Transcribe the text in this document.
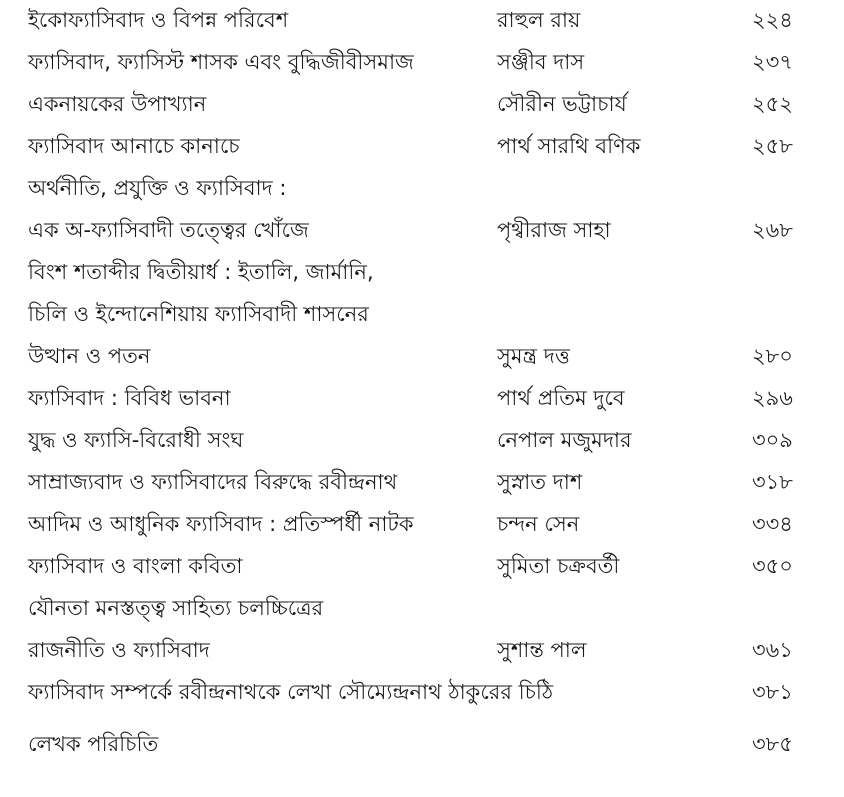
ইকোফ্যাসিবাদ ও বিপন্ন পরিবেশ	রাহুল রায়	২২৪
ফ্যাসিবাদ, ফ্যাসিস্ট শাসক এবং বুদ্ধিজীবীসমাজ	সঞ্জীব দাস	২৩৭
একনায়কের উপাখ্যান	সৌরীন ভট্টাচার্য	২৫২
ফ্যাসিবাদ আনাচে কানাচে	পার্থ সারথি বণিক	২৫৮
অর্থনীতি, প্রযুক্তি ও ফ্যাসিবাদ :
এক অ-ফ্যাসিবাদী তত্ত্বের খোঁজে	পৃথ্বীরাজ সাহা	২৬৮
বিংশ শতাব্দীর দ্বিতীয়ার্ধ : ইতালি, জার্মানি,
চিলি ও ইন্দোনেশিয়ায় ফ্যাসিবাদী শাসনের
উত্থান ও পতন	সুমন্ত্র দত্ত	২৮০
ফ্যাসিবাদ : বিবিধ ভাবনা	পার্থ প্রতিম দুবে	২৯৬
যুদ্ধ ও ফ্যাসি-বিরোধী সংঘ	নেপাল মজুমদার	৩০৯
সাম্রাজ্যবাদ ও ফ্যাসিবাদের বিরুদ্ধে রবীন্দ্রনাথ	সুস্নাত দাশ	৩১৮
আদিম ও আধুনিক ফ্যাসিবাদ : প্রতিস্পর্ধী নাটক	চন্দন সেন	৩৩৪
ফ্যাসিবাদ ও বাংলা কবিতা	সুমিতা চক্রবর্তী	৩৫০
যৌনতা মনস্তত্ত্ব সাহিত্য চলচ্চিত্রের
রাজনীতি ও ফ্যাসিবাদ	সুশান্ত পাল	৩৬১
ফ্যাসিবাদ সম্পর্কে রবীন্দ্রনাথকে লেখা সৌম্যেন্দ্রনাথ ঠাকুরের চিঠি	৩৮১
লেখক পরিচিতি	৩৮৫
